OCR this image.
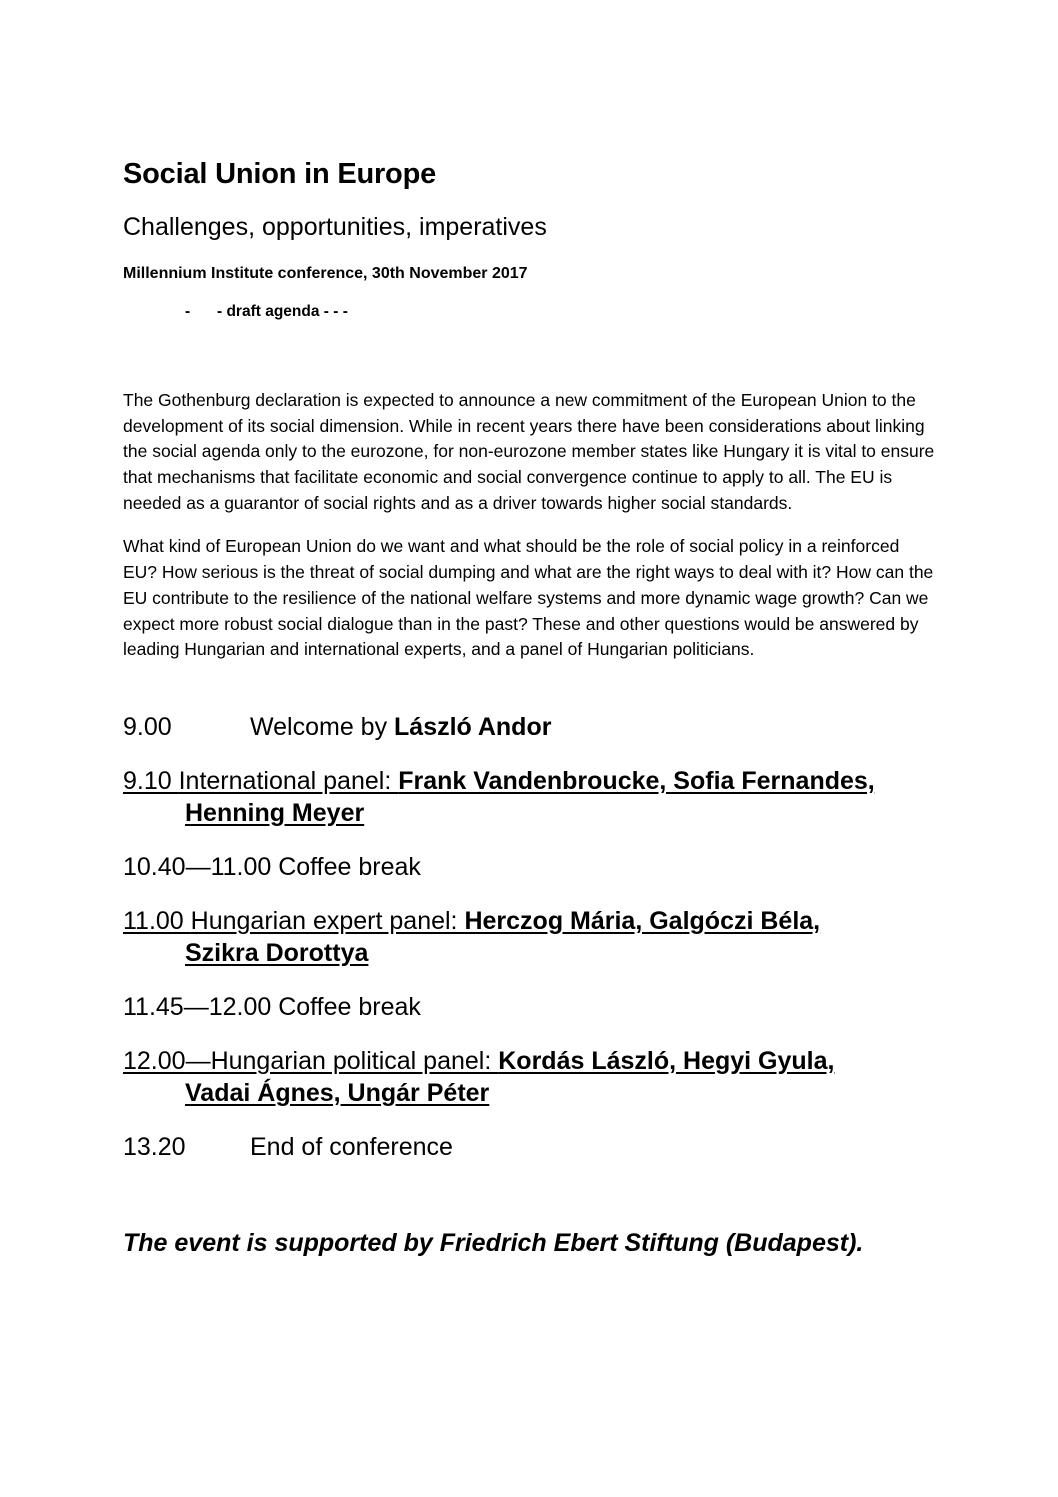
Social Union in Europe
Challenges, opportunities, imperatives

Millennium Institute conference, 30th November 2017

- - draft agenda - - -

The Gothenburg declaration is expected to announce a new commitment of the European Union to the development of its social dimension. While in recent years there have been considerations about linking the social agenda only to the eurozone, for non-eurozone member states like Hungary it is vital to ensure that mechanisms that facilitate economic and social convergence continue to apply to all. The EU is needed as a guarantor of social rights and as a driver towards higher social standards.

What kind of European Union do we want and what should be the role of social policy in a reinforced EU? How serious is the threat of social dumping and what are the right ways to deal with it? How can the EU contribute to the resilience of the national welfare systems and more dynamic wage growth? Can we expect more robust social dialogue than in the past? These and other questions would be answered by leading Hungarian and international experts, and a panel of Hungarian politicians.

9.00	Welcome by László Andor
9.10 International panel: Frank Vandenbroucke, Sofia Fernandes,
Henning Meyer
10.40—11.00 Coffee break
11.00 Hungarian expert panel: Herczog Mária, Galgóczi Béla,
Szikra Dorottya
11.45—12.00 Coffee break
12.00—Hungarian political panel: Kordás László, Hegyi Gyula,
Vadai Ágnes, Ungár Péter
13.20	End of conference

The event is supported by Friedrich Ebert Stiftung (Budapest).
